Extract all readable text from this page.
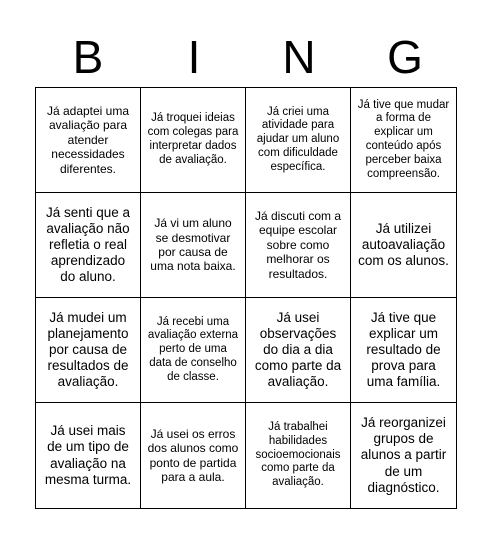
B	I	N	G
Já adaptei uma avaliação para atender necessidades diferentes.
Já troquei ideias com colegas para interpretar dados de avaliação.
Já criei uma atividade para ajudar um aluno com dificuldade específica.
Já tive que mudar a forma de explicar um conteúdo após perceber baixa compreensão.
Já senti que a avaliação não refletia o real aprendizado do aluno.
Já vi um aluno se desmotivar por causa de uma nota baixa.
Já discuti com a equipe escolar sobre como melhorar os resultados.
Já utilizei autoavaliação com os alunos.
Já mudei um planejamento por causa de resultados de avaliação.
Já recebi uma avaliação externa perto de uma data de conselho de classe.
Já usei observações do dia a dia como parte da avaliação.
Já tive que explicar um resultado de prova para uma família.
Já usei mais de um tipo de avaliação na mesma turma.
Já usei os erros dos alunos como ponto de partida para a aula.
Já trabalhei habilidades socioemocionais como parte da avaliação.
Já reorganizei grupos de alunos a partir de um diagnóstico.
